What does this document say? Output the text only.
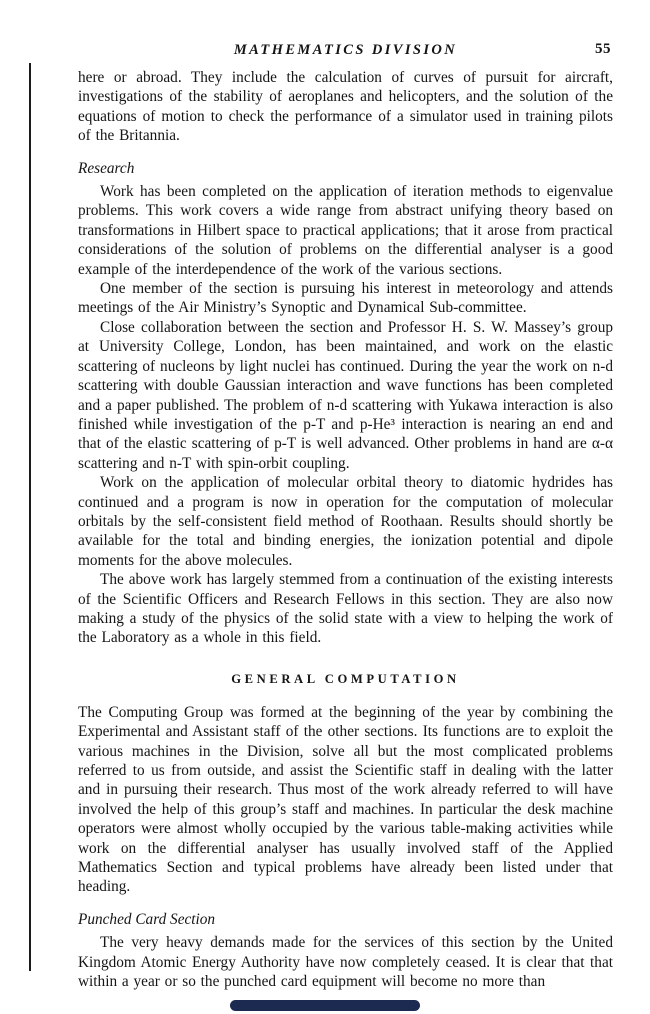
MATHEMATICS DIVISION	55

here or abroad. They include the calculation of curves of pursuit for aircraft, investigations of the stability of aeroplanes and helicopters, and the solution of the equations of motion to check the performance of a simulator used in training pilots of the Britannia.

Research

Work has been completed on the application of iteration methods to eigenvalue problems. This work covers a wide range from abstract unifying theory based on transformations in Hilbert space to practical applications; that it arose from practical considerations of the solution of problems on the differential analyser is a good example of the interdependence of the work of the various sections.

One member of the section is pursuing his interest in meteorology and attends meetings of the Air Ministry’s Synoptic and Dynamical Sub-committee.

Close collaboration between the section and Professor H. S. W. Massey’s group at University College, London, has been maintained, and work on the elastic scattering of nucleons by light nuclei has continued. During the year the work on n-d scattering with double Gaussian interaction and wave functions has been completed and a paper published. The problem of n-d scattering with Yukawa interaction is also finished while investigation of the p-T and p-He³ interaction is nearing an end and that of the elastic scattering of p-T is well advanced. Other problems in hand are α-α scattering and n-T with spin-orbit coupling.

Work on the application of molecular orbital theory to diatomic hydrides has continued and a program is now in operation for the computation of molecular orbitals by the self-consistent field method of Roothaan. Results should shortly be available for the total and binding energies, the ionization potential and dipole moments for the above molecules.

The above work has largely stemmed from a continuation of the existing interests of the Scientific Officers and Research Fellows in this section. They are also now making a study of the physics of the solid state with a view to helping the work of the Laboratory as a whole in this field.

GENERAL COMPUTATION

The Computing Group was formed at the beginning of the year by combining the Experimental and Assistant staff of the other sections. Its functions are to exploit the various machines in the Division, solve all but the most complicated problems referred to us from outside, and assist the Scientific staff in dealing with the latter and in pursuing their research. Thus most of the work already referred to will have involved the help of this group’s staff and machines. In particular the desk machine operators were almost wholly occupied by the various table-making activities while work on the differential analyser has usually involved staff of the Applied Mathematics Section and typical problems have already been listed under that heading.

Punched Card Section

The very heavy demands made for the services of this section by the United Kingdom Atomic Energy Authority have now completely ceased. It is clear that that within a year or so the punched card equipment will become no more than
